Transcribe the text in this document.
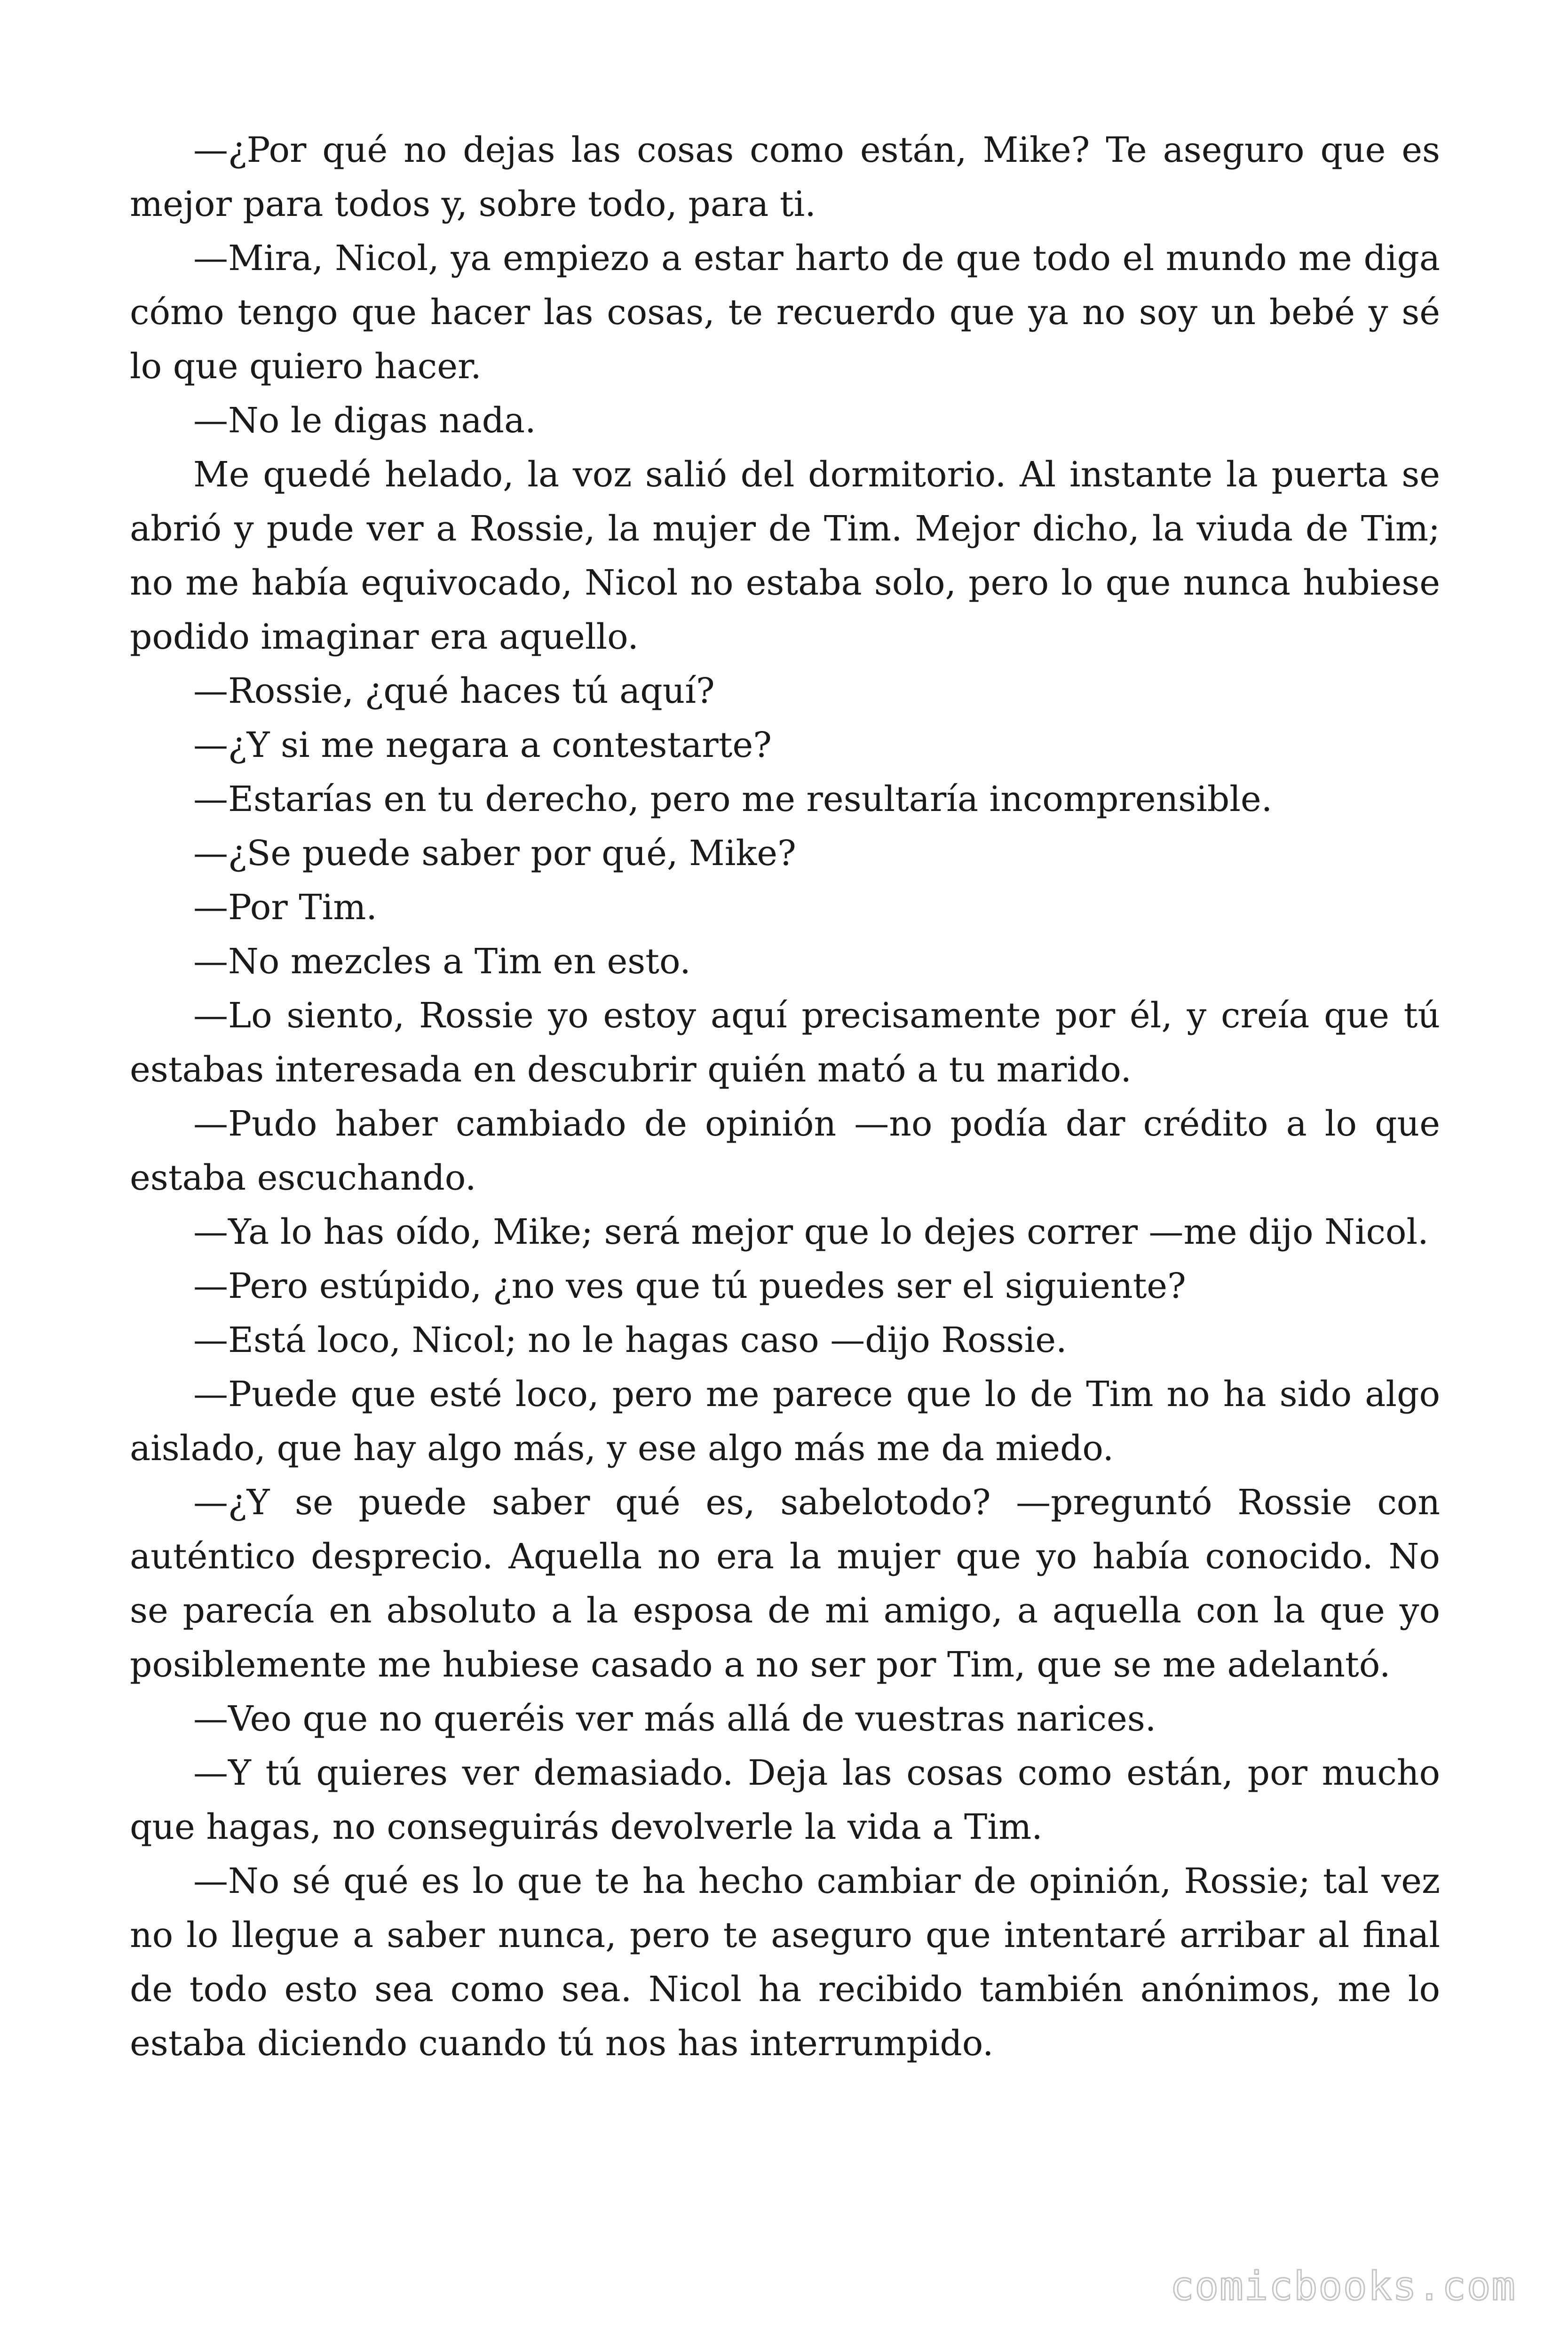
—¿Por qué no dejas las cosas como están, Mike? Te aseguro que es mejor para todos y, sobre todo, para ti.

—Mira, Nicol, ya empiezo a estar harto de que todo el mundo me diga cómo tengo que hacer las cosas, te recuerdo que ya no soy un bebé y sé lo que quiero hacer.

—No le digas nada.

Me quedé helado, la voz salió del dormitorio. Al instante la puerta se abrió y pude ver a Rossie, la mujer de Tim. Mejor dicho, la viuda de Tim; no me había equivocado, Nicol no estaba solo, pero lo que nunca hubiese podido imaginar era aquello.

—Rossie, ¿qué haces tú aquí?

—¿Y si me negara a contestarte?

—Estarías en tu derecho, pero me resultaría incomprensible.

—¿Se puede saber por qué, Mike?

—Por Tim.

—No mezcles a Tim en esto.

—Lo siento, Rossie yo estoy aquí precisamente por él, y creía que tú estabas interesada en descubrir quién mató a tu marido.

—Pudo haber cambiado de opinión —no podía dar crédito a lo que estaba escuchando.

—Ya lo has oído, Mike; será mejor que lo dejes correr —me dijo Nicol.

—Pero estúpido, ¿no ves que tú puedes ser el siguiente?

—Está loco, Nicol; no le hagas caso —dijo Rossie.

—Puede que esté loco, pero me parece que lo de Tim no ha sido algo aislado, que hay algo más, y ese algo más me da miedo.

—¿Y se puede saber qué es, sabelotodo? —preguntó Rossie con auténtico desprecio. Aquella no era la mujer que yo había conocido. No se parecía en absoluto a la esposa de mi amigo, a aquella con la que yo posiblemente me hubiese casado a no ser por Tim, que se me adelantó.

—Veo que no queréis ver más allá de vuestras narices.

—Y tú quieres ver demasiado. Deja las cosas como están, por mucho que hagas, no conseguirás devolverle la vida a Tim.

—No sé qué es lo que te ha hecho cambiar de opinión, Rossie; tal vez no lo llegue a saber nunca, pero te aseguro que intentaré arribar al final de todo esto sea como sea. Nicol ha recibido también anónimos, me lo estaba diciendo cuando tú nos has interrumpido.

comicbooks.com
